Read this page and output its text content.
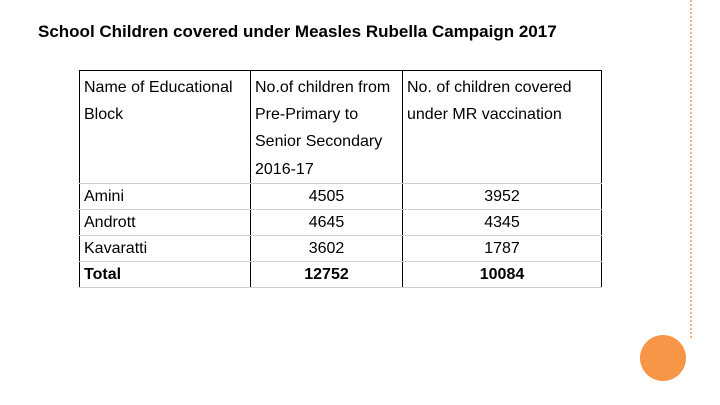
School Children covered under Measles Rubella Campaign 2017
Name of Educational Block	No.of children from Pre-Primary to Senior Secondary 2016-17	No. of children covered under MR vaccination
Amini	4505	3952
Andrott	4645	4345
Kavaratti	3602	1787
Total	12752	10084
